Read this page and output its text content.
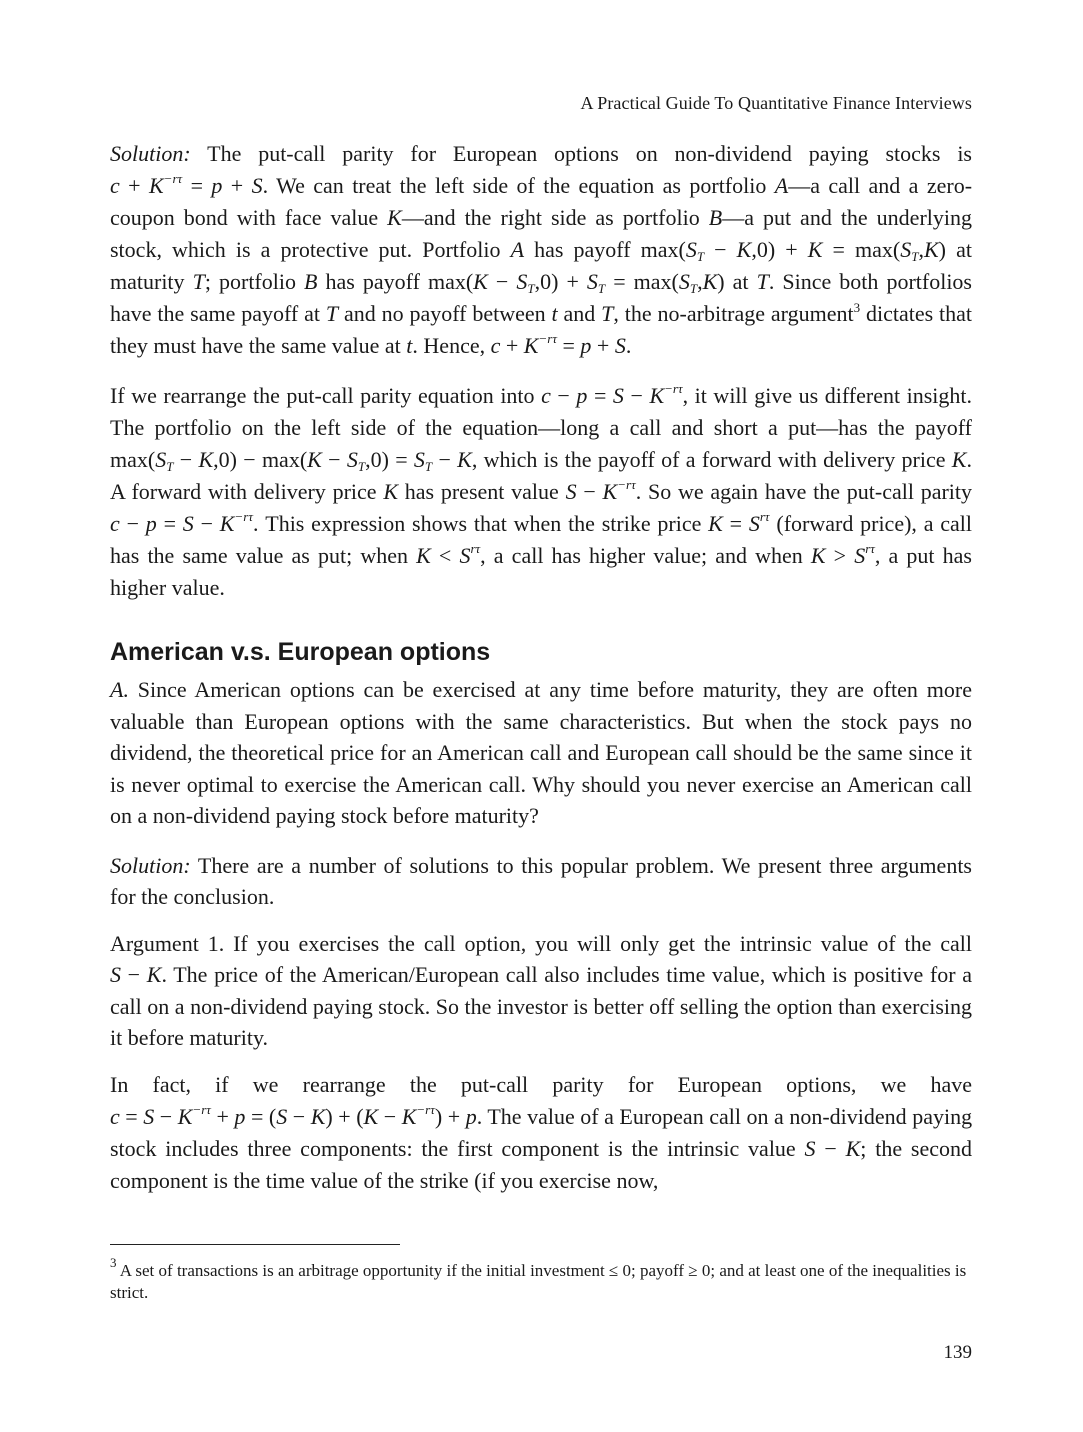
A Practical Guide To Quantitative Finance Interviews

Solution: The put-call parity for European options on non-dividend paying stocks is $c + K^{-r\tau} = p + S$. We can treat the left side of the equation as portfolio A—a call and a zero-coupon bond with face value K—and the right side as portfolio B—a put and the underlying stock, which is a protective put. Portfolio A has payoff $\max(S_T - K,0) + K = \max(S_T,K)$ at maturity T; portfolio B has payoff $\max(K - S_T,0) + S_T = \max(S_T,K)$ at T. Since both portfolios have the same payoff at T and no payoff between t and T, the no-arbitrage argument$^3$ dictates that they must have the same value at t. Hence, $c + K^{-r\tau} = p + S$.

If we rearrange the put-call parity equation into $c - p = S - K^{-r\tau}$, it will give us different insight. The portfolio on the left side of the equation—long a call and short a put—has the payoff $\max(S_T - K,0) - \max(K - S_T,0) = S_T - K$, which is the payoff of a forward with delivery price K. A forward with delivery price K has present value $S - K^{-r\tau}$. So we again have the put-call parity $c - p = S - K^{-r\tau}$. This expression shows that when the strike price $K = S^{r\tau}$ (forward price), a call has the same value as put; when $K < S^{r\tau}$, a call has higher value; and when $K > S^{r\tau}$, a put has higher value.

American v.s. European options

A. Since American options can be exercised at any time before maturity, they are often more valuable than European options with the same characteristics. But when the stock pays no dividend, the theoretical price for an American call and European call should be the same since it is never optimal to exercise the American call. Why should you never exercise an American call on a non-dividend paying stock before maturity?

Solution: There are a number of solutions to this popular problem. We present three arguments for the conclusion.

Argument 1. If you exercises the call option, you will only get the intrinsic value of the call S − K. The price of the American/European call also includes time value, which is positive for a call on a non-dividend paying stock. So the investor is better off selling the option than exercising it before maturity.

In fact, if we rearrange the put-call parity for European options, we have $c = S - K^{-r\tau} + p = (S - K) + (K - K^{-r\tau}) + p$. The value of a European call on a non-dividend paying stock includes three components: the first component is the intrinsic value S − K; the second component is the time value of the strike (if you exercise now,

$^3$ A set of transactions is an arbitrage opportunity if the initial investment ≤ 0; payoff ≥ 0; and at least one of the inequalities is strict.
139
